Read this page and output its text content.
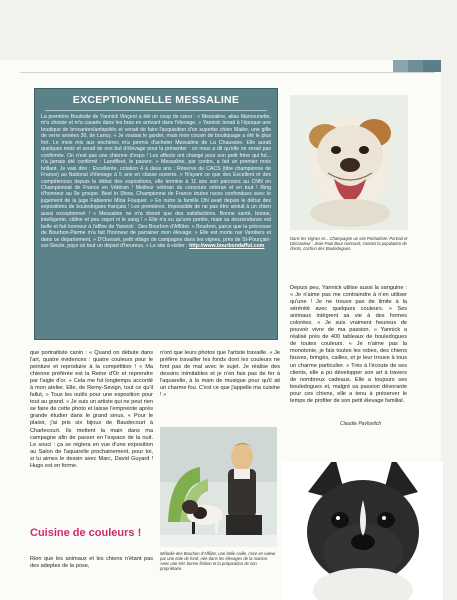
EXCEPTIONNELLE MESSALINE

La première Bouledie de Yannick Vinçent a été un coup de cœur : « Messaline, alias Mamounette, m'a choisie et m'a causée dans les bras en arrivant dans l'élevage. » Yannick tenait à l'époque une boutique de brocantes/antiquités et venait de faire l'acquisition d'un superbe chien Mailer, une gifle de verre années 30, de Lancy. « Je voulais le garder, mais mon cousin de boutiquage a été le plus fort. Le mois mis aux enchères m'a permis d'acheter Messaline de La Chaussée. Elle aurait quelques mois et serait de nos but d'élevage pour la présenter : on nous a dit qu'elle ne serait pas confirmée. On n'est pas une chienne d'expo ! Les affects ont changé pour son petit frère qui fut... n'a jamais été confirmé : Landfleet, le pauvre. » Messaline, par contre, a fait un premier mois brillant. Je vais dire ; Excellente, cotation 4 à deux ans ; Réserve de CACS (titre championne de France) au National d'élevage à 5 ans en classe ouverte. « N'ayant ce que des Excellent et des compétences depuis le début des expositions, elle termine à 11 ans son parcours au CNN en Championnat de France en Vétéran ! Meilleur vétéran du concours vétéran et en tout ! Ring d'honneur au 9e groupe. Best in Show, Championne de France toutes races confondues avec le jugement de la juge Fabienne Mina Fouquet. » En outre la famille Ohl avait depuis le début des expositions de bouledogues français ! Les premières. Impossible de ne pas être séduit à un chien aussi exceptionnel ! « Messaline ne m'a donné que des satisfactions. Bonne santé, bonne, intelligente, câline et peu capot ni le sang ! » Elle n'a eu qu'une portée, mais sa descendance est belle et fait honneur à l'affixe de Yannick : Des Bourbon d'Affûter. « Bourbon, parce que la princesse de Bourbon-Parme m'a fait l'honneur de parrainer mon élevage. » Elle est morte rue Varoliers et dans ce département, » D'Ouessé, petit village de campagne dans les vignes, près de St-Pourçain-sur-Sioule, pays où tout un départ d'heureux. » Le site à visiter : http://www.bourbondaffut.com

Dans les Vignes et... Champagne un site Portraitiste. Portrait et Décorateur : Jean-Paul Bour Harcourt, contact la population de chiots, cochon des Bouledogues.
Depuis peu, Yannick utilise aussi la sanguine : « Je n'aime pas me contraindre à n'en utiliser qu'une ! Je ne trouve pas de limite à la sérénité avec quelques couleurs. » Ses animaux intègrent sa vie à des formes colorées. « Je suis vraiment heureux de pouvoir vivre de ma passion. » Yannick a réalisé près de 400 tableaux de bouledogues de toutes couleurs. « Je n'aime pas la monotonie, je fais toutes les robes, des chiens fauves, bringés, cailles, et je leur trouve à tous un charme particulier. » Très à l'écoute de ses clients, elle a pu développer son art à travers de nombreux cadeaux. Elle a toujours ses bouledogues et, malgré sa passion dévorante pour ces chiens, elle a tenu à préserver le temps de profiter de son petit élevage familial.
Claudie Pavlovitch
que portraitiste canin : « Quand on débute dans l'art, quatre évidences : quatre couleurs pour le peinture et reproduire à la compétition ! « Ma chienne préférée est la Reine d'Or et reprendre par l'aigle d'or. » Cela me fut longtemps accordé à mon atelier. Elle, de Remy-Sevign, tout ce qu'il fallut, » Tous les outils pour une exposition pour tout au grand. » Je suis un artiste qui ne peut rien se faire de cette photo et laisse l'empreinte après grande étudier dans le grand sinus. « Pour le plaisir, j'ai pris six bijoux de Baudecourt à Charlecourt. Ils mettent la main dans ma campagne afin de passer en l'espace de la nuit. Le souci : ça se réglera en vue d'une exposition au Salon de l'aquarelle prochainement, pour toi, si tu aimes le dessin avec Marc, David Guyard ! Hugo est en forme.
n'ont que leurs photos que l'artiste travaille. « Je préfère travailler les fonds dont les couleurs ne font pas de mal avec le sujet. Je réalise des dessins inimitables et je n'en fais pas de fer à l'aquarelle, à la main de musique pour qu'il ait un charme fou. C'est ce que j'appelle ma cuisine ! »
Mélodie des Bourbon d'Affûter, une belle caille, mise en valeur par une toile de fond, née dans les élevages de la maison. Avec une très bonne finition et la préparation de son propriétaire.
Cuisine de couleurs !
Rien que les animaux et les chiens n'étant pas des adeptes de la pose,
